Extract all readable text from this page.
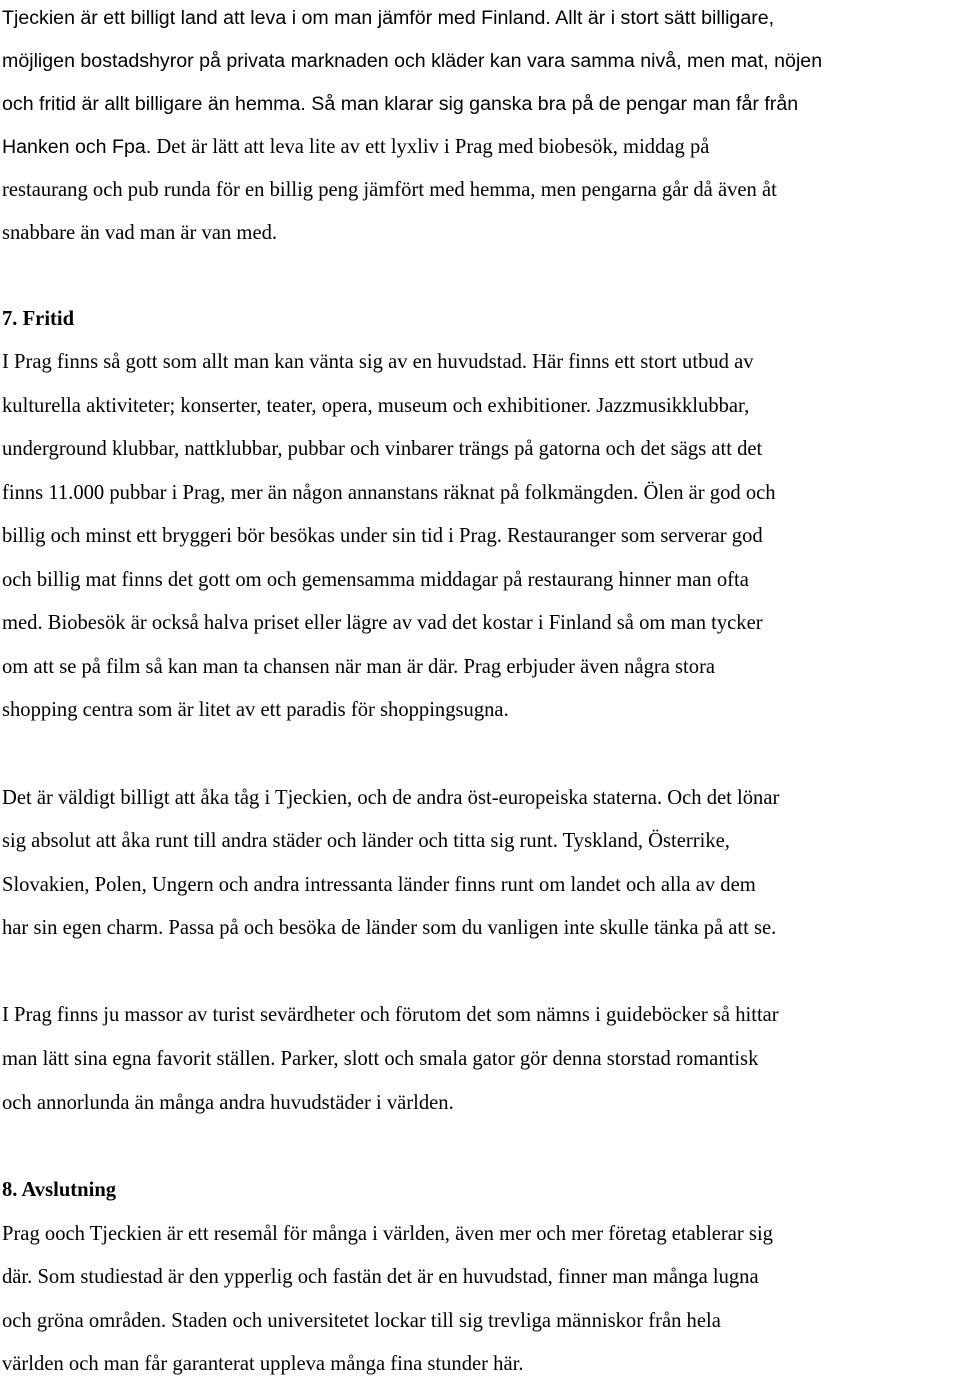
Tjeckien är ett billigt land att leva i om man jämför med Finland. Allt är i stort sätt billigare,
möjligen bostadshyror på privata marknaden och kläder kan vara samma nivå, men mat, nöjen
och fritid är allt billigare än hemma. Så man klarar sig ganska bra på de pengar man får från
Hanken och Fpa. Det är lätt att leva lite av ett lyxliv i Prag med biobesök, middag på
restaurang och pub runda för en billig peng jämfört med hemma, men pengarna går då även åt
snabbare än vad man är van med.
7. Fritid
I Prag finns så gott som allt man kan vänta sig av en huvudstad. Här finns ett stort utbud av
kulturella aktiviteter; konserter, teater, opera, museum och exhibitioner. Jazzmusikklubbar,
underground klubbar, nattklubbar, pubbar och vinbarer trängs på gatorna och det sägs att det
finns 11.000 pubbar i Prag, mer än någon annanstans räknat på folkmängden. Ölen är god och
billig och minst ett bryggeri bör besökas under sin tid i Prag. Restauranger som serverar god
och billig mat finns det gott om och gemensamma middagar på restaurang hinner man ofta
med. Biobesök är också halva priset eller lägre av vad det kostar i Finland så om man tycker
om att se på film så kan man ta chansen när man är där. Prag erbjuder även några stora
shopping centra som är litet av ett paradis för shoppingsugna.
Det är väldigt billigt att åka tåg i Tjeckien, och de andra öst-europeiska staterna. Och det lönar
sig absolut att åka runt till andra städer och länder och titta sig runt. Tyskland, Österrike,
Slovakien, Polen, Ungern och andra intressanta länder finns runt om landet och alla av dem
har sin egen charm. Passa på och besöka de länder som du vanligen inte skulle tänka på att se.
I Prag finns ju massor av turist sevärdheter och förutom det som nämns i guideböcker så hittar
man lätt sina egna favorit ställen. Parker, slott och smala gator gör denna storstad romantisk
och annorlunda än många andra huvudstäder i världen.
8. Avslutning
Prag ooch Tjeckien är ett resemål för många i världen, även mer och mer företag etablerar sig
där. Som studiestad är den ypperlig och fastän det är en huvudstad, finner man många lugna
och gröna områden. Staden och universitetet lockar till sig trevliga människor från hela
världen och man får garanterat uppleva många fina stunder här.
